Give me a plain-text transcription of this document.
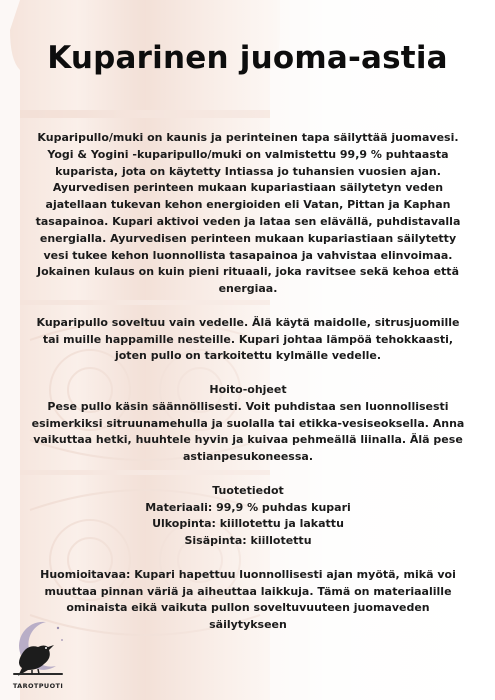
Kuparinen juoma-astia

Kuparipullo/muki on kaunis ja perinteinen tapa säilyttää juomavesi. Yogi & Yogini -kuparipullo/muki on valmistettu 99,9 % puhtaasta kuparista, jota on käytetty Intiassa jo tuhansien vuosien ajan. Ayurvedisen perinteen mukaan kupariastiaan säilytetyn veden ajatellaan tukevan kehon energioiden eli Vatan, Pittan ja Kaphan tasapainoa. Kupari aktivoi veden ja lataa sen elävällä, puhdistavalla energialla. Ayurvedisen perinteen mukaan kupariastiaan säilytetty vesi tukee kehon luonnollista tasapainoa ja vahvistaa elinvoimaa. Jokainen kulaus on kuin pieni rituaali, joka ravitsee sekä kehoa että energiaa.

Kuparipullo soveltuu vain vedelle. Älä käytä maidolle, sitrusjuomille tai muille happamille nesteille. Kupari johtaa lämpöä tehokkaasti, joten pullo on tarkoitettu kylmälle vedelle.

Hoito-ohjeet
Pese pullo käsin säännöllisesti. Voit puhdistaa sen luonnollisesti esimerkiksi sitruunamehulla ja suolalla tai etikka-vesiseoksella. Anna vaikuttaa hetki, huuhtele hyvin ja kuivaa pehmeällä liinalla. Älä pese astianpesukoneessa.

Tuotetiedot
Materiaali: 99,9 % puhdas kupari
Ulkopinta: kiillotettu ja lakattu
Sisäpinta: kiillotettu

Huomioitavaa: Kupari hapettuu luonnollisesti ajan myötä, mikä voi muuttaa pinnan väriä ja aiheuttaa laikkuja. Tämä on materiaalille ominaista eikä vaikuta pullon soveltuvuuteen juomaveden säilytykseen

TAROTPUOTI
